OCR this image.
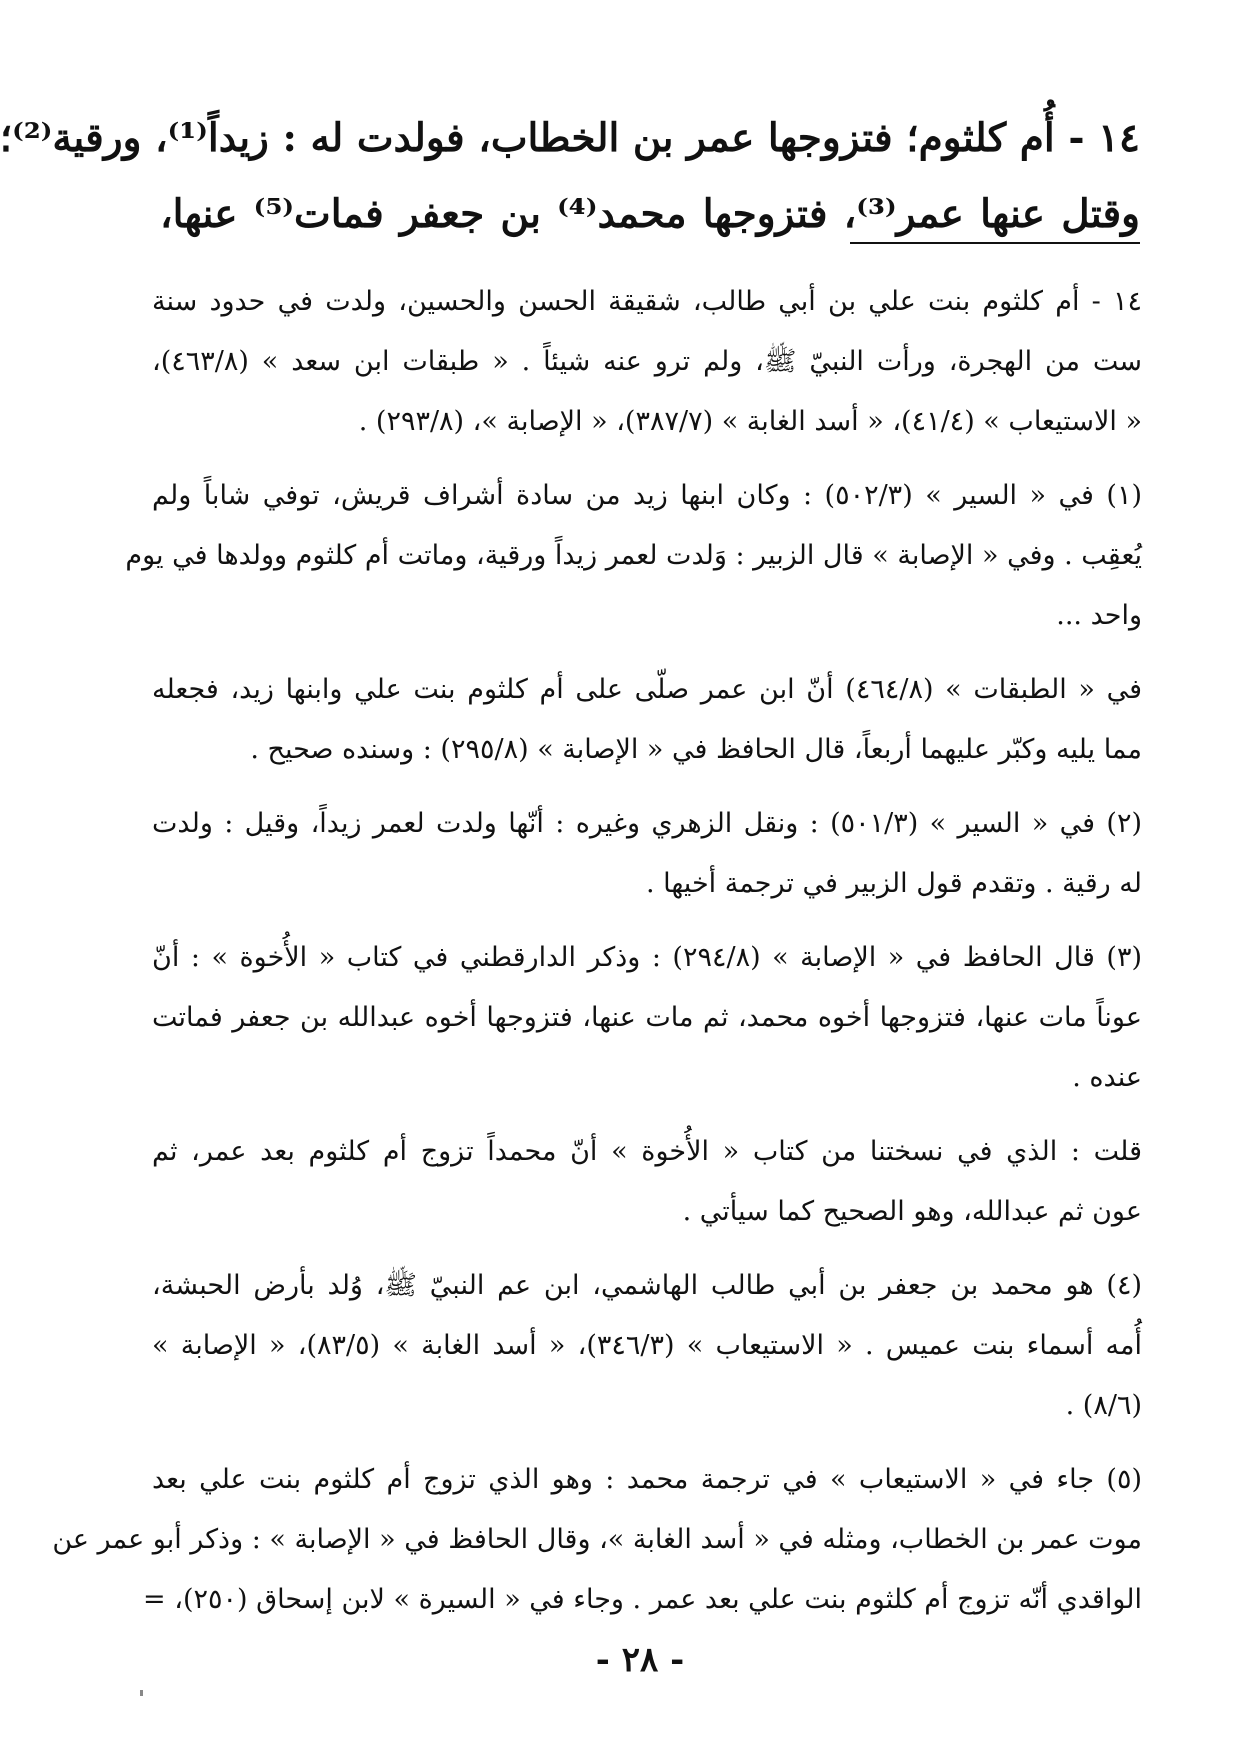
١٤ - أُم كلثوم؛ فتزوجها عمر بن الخطاب، فولدت له : زيداً⁽¹⁾، ورقية⁽²⁾؛
وقتل عنها عمر⁽³⁾، فتزوجها محمد⁽⁴⁾ بن جعفر فمات⁽⁵⁾ عنها،
١٤ - أم كلثوم بنت علي بن أبي طالب، شقيقة الحسن والحسين، ولدت في حدود سنة
ست من الهجرة، ورأت النبيّ ﷺ، ولم ترو عنه شيئاً . « طبقات ابن سعد » (٤٦٣/٨)،
« الاستيعاب » (٤١/٤)، « أسد الغابة » (٣٨٧/٧)، « الإصابة »، (٢٩٣/٨) .
(١) في « السير » (٥٠٢/٣) : وكان ابنها زيد من سادة أشراف قريش، توفي شاباً ولم
يُعقِب . وفي « الإصابة » قال الزبير : وَلدت لعمر زيداً ورقية، وماتت أم كلثوم وولدها في يوم
واحد ...
في « الطبقات » (٤٦٤/٨) أنّ ابن عمر صلّى على أم كلثوم بنت علي وابنها زيد، فجعله
مما يليه وكبّر عليهما أربعاً، قال الحافظ في « الإصابة » (٢٩٥/٨) : وسنده صحيح .
(٢) في « السير » (٥٠١/٣) : ونقل الزهري وغيره : أنّها ولدت لعمر زيداً، وقيل : ولدت
له رقية . وتقدم قول الزبير في ترجمة أخيها .
(٣) قال الحافظ في « الإصابة » (٢٩٤/٨) : وذكر الدارقطني في كتاب « الأُخوة » : أنّ
عوناً مات عنها، فتزوجها أخوه محمد، ثم مات عنها، فتزوجها أخوه عبدالله بن جعفر فماتت
عنده .
قلت : الذي في نسختنا من كتاب « الأُخوة » أنّ محمداً تزوج أم كلثوم بعد عمر، ثم
عون ثم عبدالله، وهو الصحيح كما سيأتي .
(٤) هو محمد بن جعفر بن أبي طالب الهاشمي، ابن عم النبيّ ﷺ، وُلد بأرض الحبشة،
أُمه أسماء بنت عميس . « الاستيعاب » (٣٤٦/٣)، « أسد الغابة » (٨٣/٥)، « الإصابة »
(٨/٦) .
(٥) جاء في « الاستيعاب » في ترجمة محمد : وهو الذي تزوج أم كلثوم بنت علي بعد
موت عمر بن الخطاب، ومثله في « أسد الغابة »، وقال الحافظ في « الإصابة » : وذكر أبو عمر عن
الواقدي أنّه تزوج أم كلثوم بنت علي بعد عمر . وجاء في « السيرة » لابن إسحاق (٢٥٠)، =
- ٢٨ -
